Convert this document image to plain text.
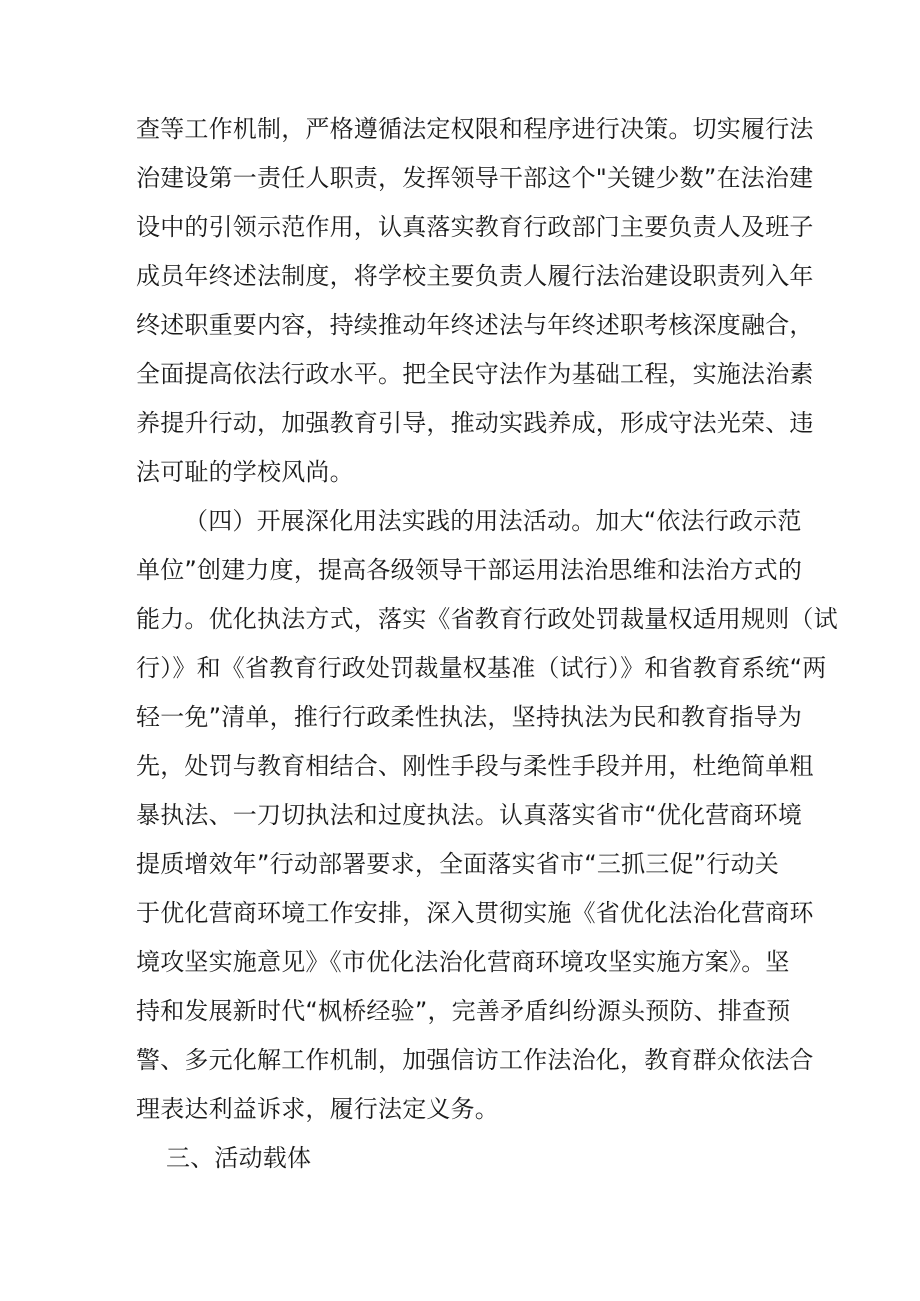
查等工作机制，严格遵循法定权限和程序进行决策。切实履行法
治建设第一责任人职责，发挥领导干部这个"关键少数”在法治建
设中的引领示范作用，认真落实教育行政部门主要负责人及班子
成员年终述法制度，将学校主要负责人履行法治建设职责列入年
终述职重要内容，持续推动年终述法与年终述职考核深度融合，
全面提高依法行政水平。把全民守法作为基础工程，实施法治素
养提升行动，加强教育引导，推动实践养成，形成守法光荣、违
法可耻的学校风尚。
（四）开展深化用法实践的用法活动。加大“依法行政示范
单位”创建力度，提高各级领导干部运用法治思维和法治方式的
能力。优化执法方式，落实《省教育行政处罚裁量权适用规则（试
行）》和《省教育行政处罚裁量权基准（试行）》和省教育系统“两
轻一免”清单，推行行政柔性执法，坚持执法为民和教育指导为
先，处罚与教育相结合、刚性手段与柔性手段并用，杜绝简单粗
暴执法、一刀切执法和过度执法。认真落实省市“优化营商环境
提质增效年”行动部署要求，全面落实省市“三抓三促”行动关
于优化营商环境工作安排，深入贯彻实施《省优化法治化营商环
境攻坚实施意见》《市优化法治化营商环境攻坚实施方案》。坚
持和发展新时代“枫桥经验”，完善矛盾纠纷源头预防、排查预
警、多元化解工作机制，加强信访工作法治化，教育群众依法合
理表达利益诉求，履行法定义务。
三、活动载体
